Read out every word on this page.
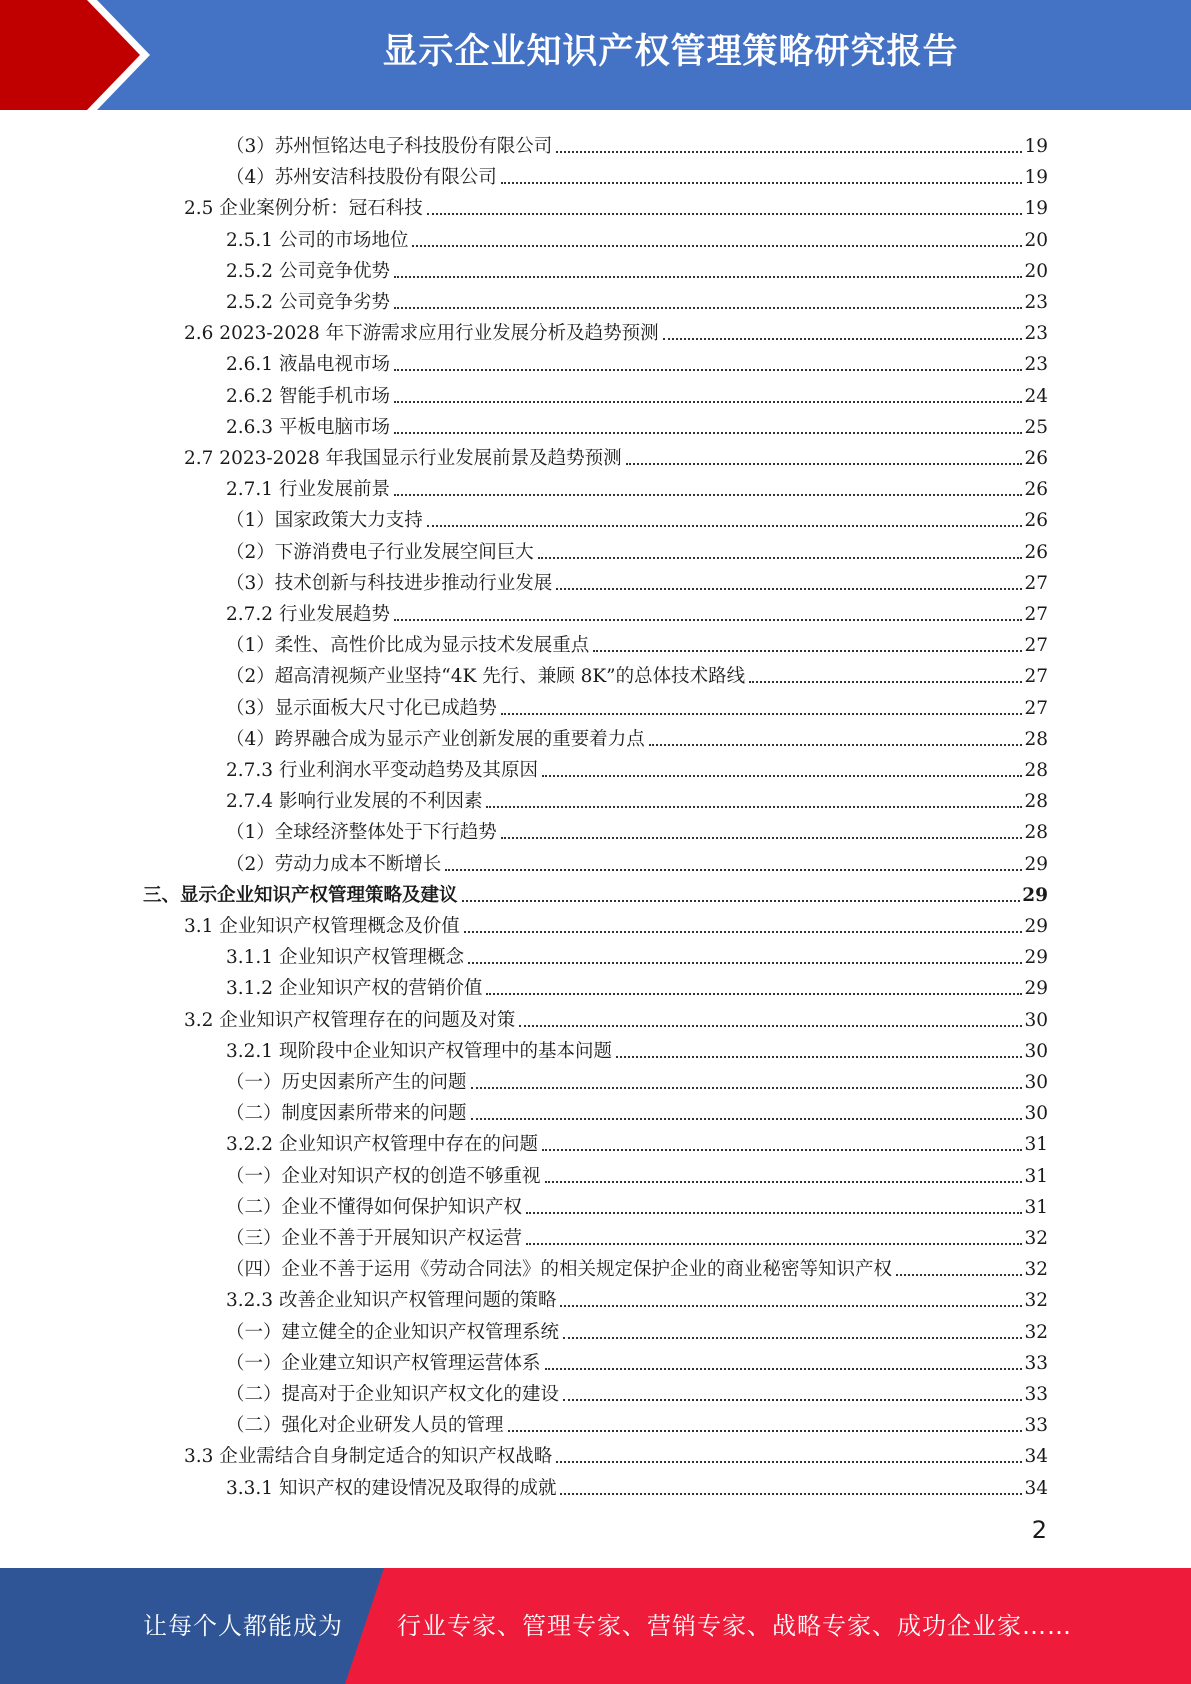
显示企业知识产权管理策略研究报告
（3）苏州恒铭达电子科技股份有限公司	19
（4）苏州安洁科技股份有限公司	19
2.5 企业案例分析：冠石科技	19
2.5.1 公司的市场地位	20
2.5.2 公司竞争优势	20
2.5.2 公司竞争劣势	23
2.6 2023-2028 年下游需求应用行业发展分析及趋势预测	23
2.6.1 液晶电视市场	23
2.6.2 智能手机市场	24
2.6.3 平板电脑市场	25
2.7 2023-2028 年我国显示行业发展前景及趋势预测	26
2.7.1 行业发展前景	26
（1）国家政策大力支持	26
（2）下游消费电子行业发展空间巨大	26
（3）技术创新与科技进步推动行业发展	27
2.7.2 行业发展趋势	27
（1）柔性、高性价比成为显示技术发展重点	27
（2）超高清视频产业坚持“4K 先行、兼顾 8K”的总体技术路线	27
（3）显示面板大尺寸化已成趋势	27
（4）跨界融合成为显示产业创新发展的重要着力点	28
2.7.3 行业利润水平变动趋势及其原因	28
2.7.4 影响行业发展的不利因素	28
（1）全球经济整体处于下行趋势	28
（2）劳动力成本不断增长	29
三、显示企业知识产权管理策略及建议	29
3.1 企业知识产权管理概念及价值	29
3.1.1 企业知识产权管理概念	29
3.1.2 企业知识产权的营销价值	29
3.2 企业知识产权管理存在的问题及对策	30
3.2.1 现阶段中企业知识产权管理中的基本问题	30
（一）历史因素所产生的问题	30
（二）制度因素所带来的问题	30
3.2.2 企业知识产权管理中存在的问题	31
（一）企业对知识产权的创造不够重视	31
（二）企业不懂得如何保护知识产权	31
（三）企业不善于开展知识产权运营	32
（四）企业不善于运用《劳动合同法》的相关规定保护企业的商业秘密等知识产权	32
3.2.3 改善企业知识产权管理问题的策略	32
（一）建立健全的企业知识产权管理系统	32
（一）企业建立知识产权管理运营体系	33
（二）提高对于企业知识产权文化的建设	33
（二）强化对企业研发人员的管理	33
3.3 企业需结合自身制定适合的知识产权战略	34
3.3.1 知识产权的建设情况及取得的成就	34
2
让每个人都能成为 行业专家、管理专家、营销专家、战略专家、成功企业家……
